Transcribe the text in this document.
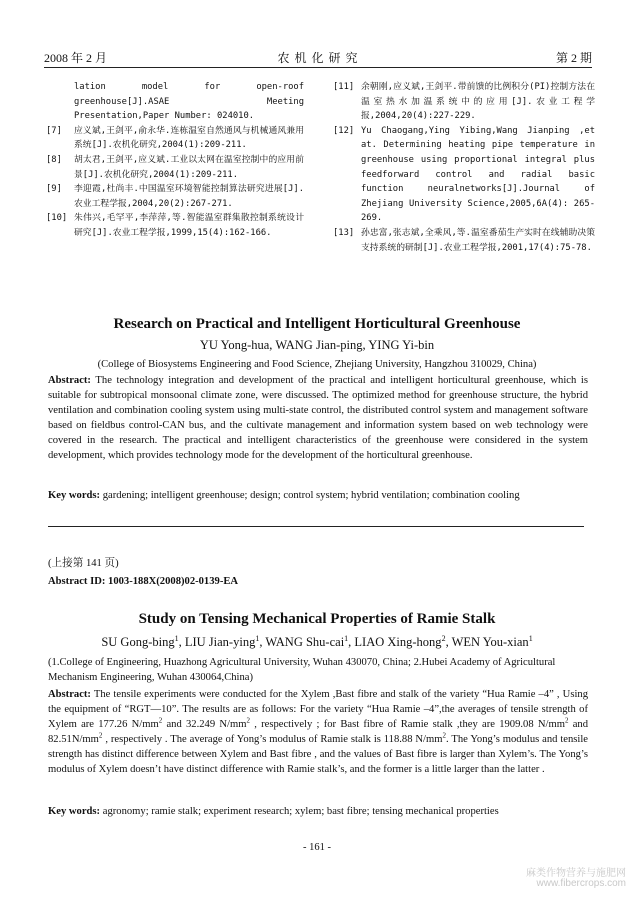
2008 年 2 月	农 机 化 研 究	第 2 期

lation model for open-roof greenhouse[J].ASAE Meeting Presentation,Paper Number: 024010.

[7] 应义斌,王剑平,俞永华.连栋温室自然通风与机械通风兼用系统[J].农机化研究,2004(1):209-211.

[8] 胡太君,王剑平,应义斌.工业以太网在温室控制中的应用前景[J].农机化研究,2004(1):209-211.

[9] 李迎霞,杜尚丰.中国温室环境智能控制算法研究进展[J].农业工程学报,2004,20(2):267-271.

[10] 朱伟兴,毛罕平,李萍萍,等.智能温室群集散控制系统设计研究[J].农业工程学报,1999,15(4):162-166.

[11] 余朝刚,应义斌,王剑平.带前馈的比例积分(PI)控制方法在温室热水加温系统中的应用[J].农业工程学报,2004,20(4):227-229.

[12] Yu Chaogang,Ying Yibing,Wang Jianping ,et at. Determining heating pipe temperature in greenhouse using proportional integral plus feedforward control and radial basic function neuralnetworks[J].Journal of Zhejiang University Science,2005,6A(4): 265-269.

[13] 孙忠富,张志斌,全乘风,等.温室番茄生产实时在线辅助决策支持系统的研制[J].农业工程学报,2001,17(4):75-78.

Research on Practical and Intelligent Horticultural Greenhouse
YU Yong-hua, WANG Jian-ping, YING Yi-bin
(College of Biosystems Engineering and Food Science, Zhejiang University, Hangzhou 310029, China)
Abstract: The technology integration and development of the practical and intelligent horticultural greenhouse, which is suitable for subtropical monsoonal climate zone, were discussed. The optimized method for greenhouse structure, the hybrid ventilation and combination cooling system using multi-state control, the distributed control system and management software based on fieldbus control-CAN bus, and the cultivate management and information system based on web technology were covered in the research. The practical and intelligent characteristics of the greenhouse were considered in the system development, which provides technology mode for the development of the horticultural greenhouse.
Key words: gardening; intelligent greenhouse; design; control system; hybrid ventilation; combination cooling
(上接第 141 页)
Abstract ID: 1003-188X(2008)02-0139-EA
Study on Tensing Mechanical Properties of Ramie Stalk
SU Gong-bing$^1$, LIU Jian-ying$^1$, WANG Shu-cai$^1$, LIAO Xing-hong$^2$, WEN You-xian$^1$
(1.College of Engineering, Huazhong Agricultural University, Wuhan 430070, China; 2.Hubei Academy of Agricultural Mechanism Engineering, Wuhan 430064,China)
Abstract: The tensile experiments were conducted for the Xylem ,Bast fibre and stalk of the variety “Hua Ramie –4” , Using the equipment of “RGT—10”. The results are as follows: For the variety “Hua Ramie –4”,the averages of tensile strength of Xylem are 177.26 $N/mm^2$ and 32.249 $N/mm^2$ , respectively ; for Bast fibre of Ramie stalk ,they are 1909.08 $N/mm^2$ and $82.51N/mm^2$ , respectively . The average of Yong’s modulus of Ramie stalk is 118.88 $N/mm^2$. The Yong’s modulus and tensile strength has distinct difference between Xylem and Bast fibre , and the values of Bast fibre is larger than Xylem’s. The Yong’s modulus of Xylem doesn’t have distinct difference with Ramie stalk’s, and the former is a little larger than the latter .
Key words: agronomy; ramie stalk; experiment research; xylem; bast fibre; tensing mechanical properties
- 161 -
麻类作物营养与施肥网
www.fibercrops.com
